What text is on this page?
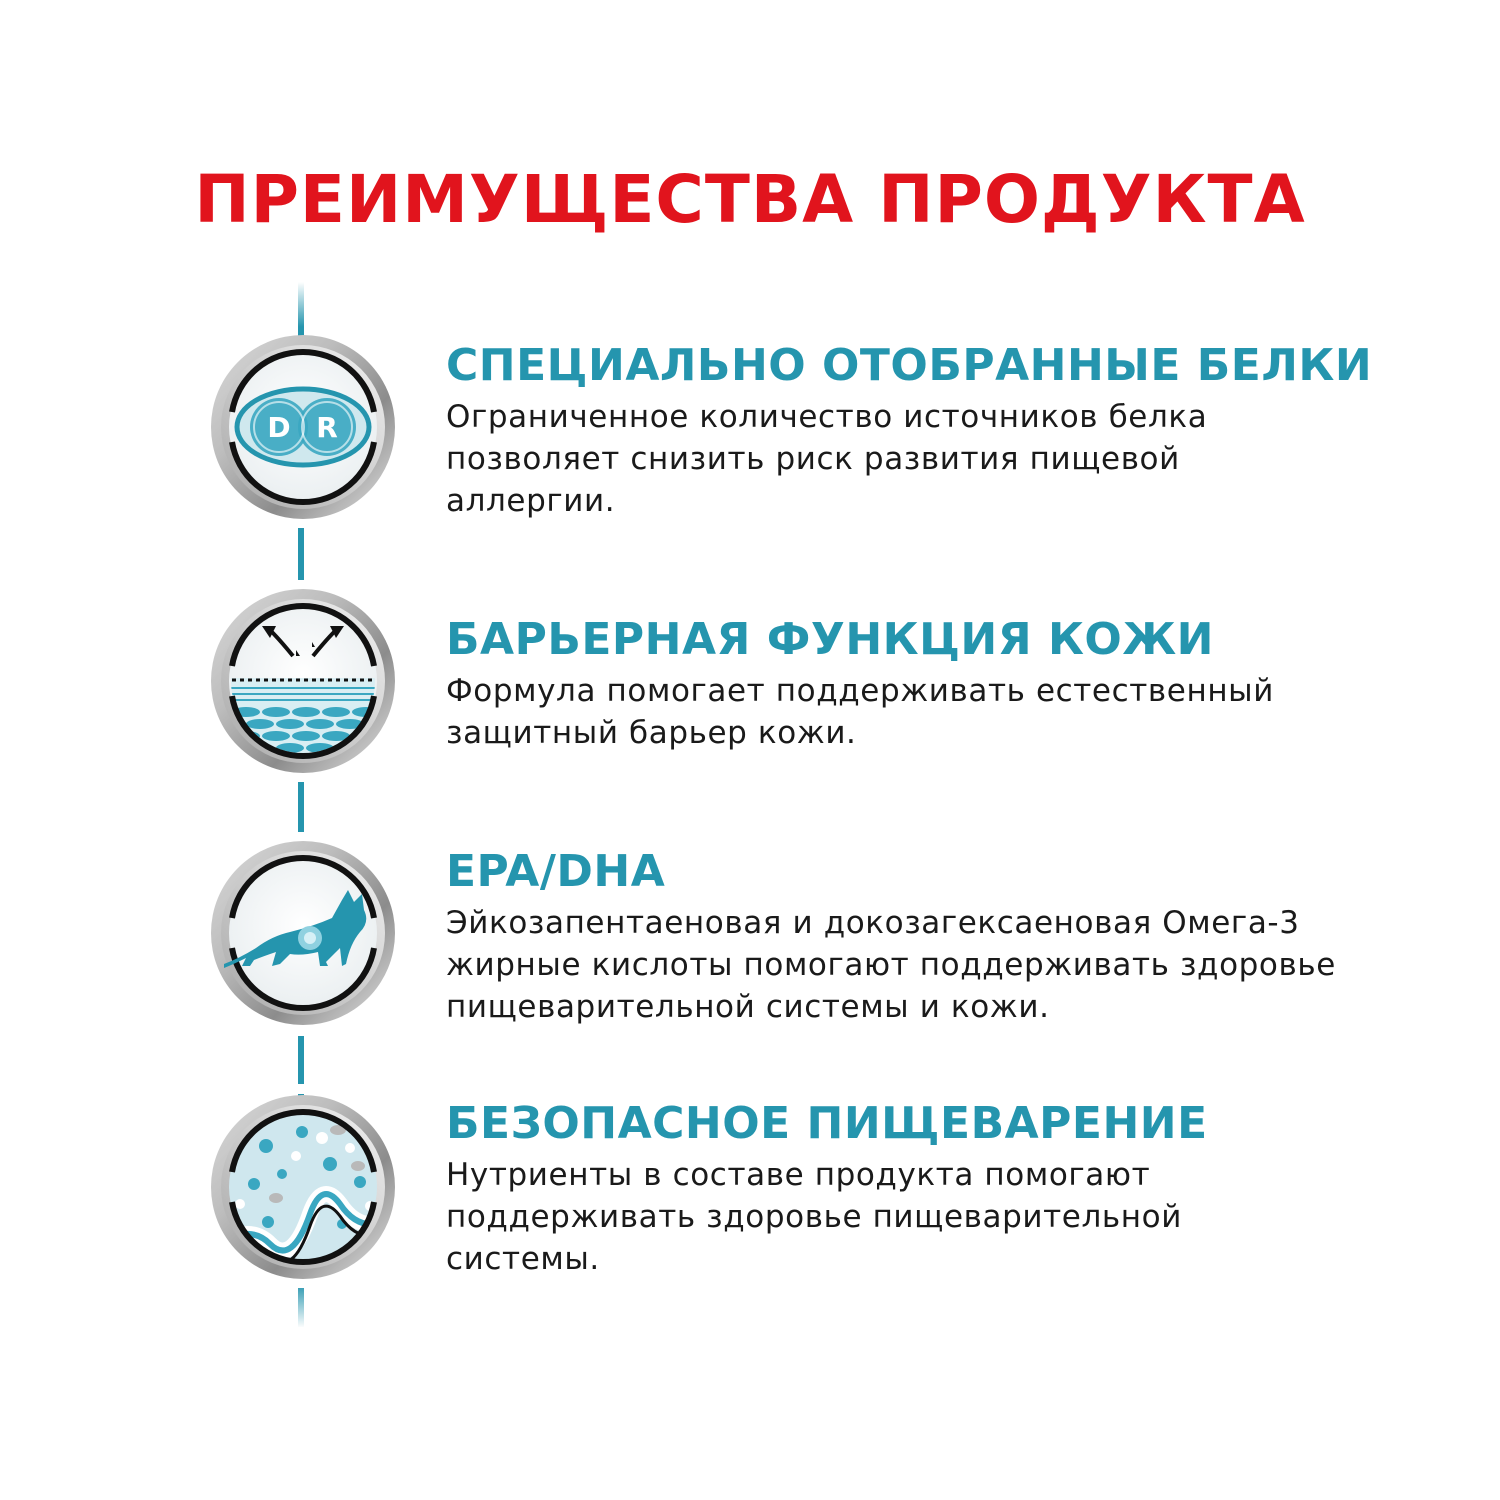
ПРЕИМУЩЕСТВА ПРОДУКТА
D R
СПЕЦИАЛЬНО ОТОБРАННЫЕ БЕЛКИ

Ограниченное количество источников белка позволяет снизить риск развития пищевой аллергии.

БАРЬЕРНАЯ ФУНКЦИЯ КОЖИ

Формула помогает поддерживать естественный защитный барьер кожи.

EPA/DHA

Эйкозапентаеновая и докозагексаеновая Омега-3 жирные кислоты помогают поддерживать здоровье пищеварительной системы и кожи.

БЕЗОПАСНОЕ ПИЩЕВАРЕНИЕ

Нутриенты в составе продукта помогают поддерживать здоровье пищеварительной системы.
